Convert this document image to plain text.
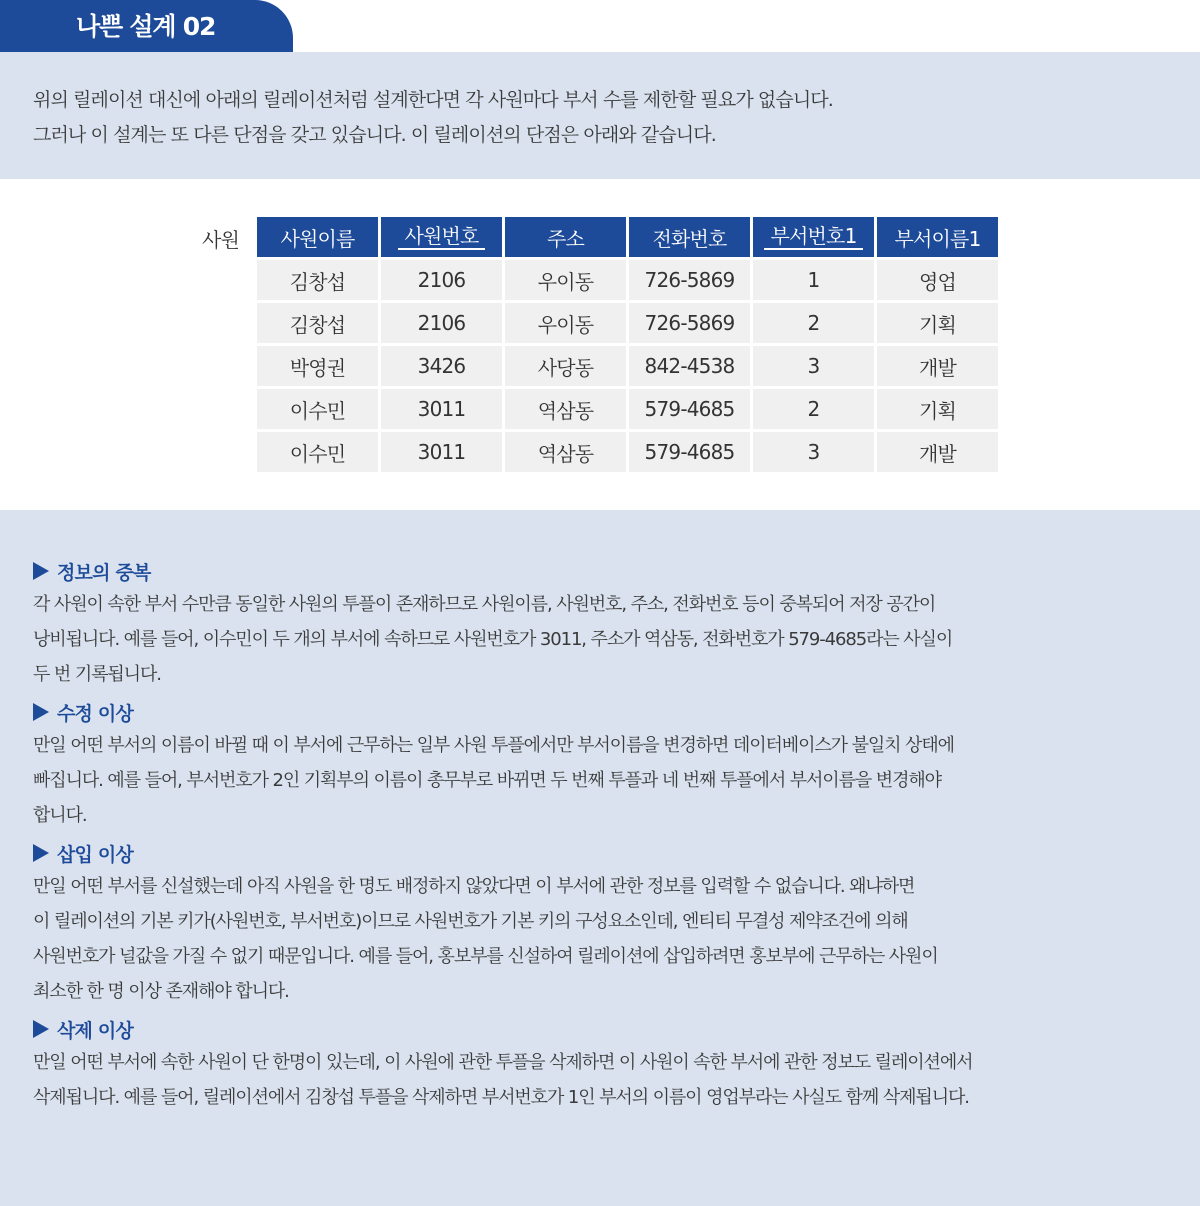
나쁜 설계 02

위의 릴레이션 대신에 아래의 릴레이션처럼 설계한다면 각 사원마다 부서 수를 제한할 필요가 없습니다.

그러나 이 설계는 또 다른 단점을 갖고 있습니다. 이 릴레이션의 단점은 아래와 같습니다.

사원 사원이름	사원번호	주소	전화번호	부서번호1	부서이름1
김창섭	2106	우이동	726-5869	1	영업
김창섭	2106	우이동	726-5869	2	기획
박영권	3426	사당동	842-4538	3	개발
이수민	3011	역삼동	579-4685	2	기획
이수민	3011	역삼동	579-4685	3	개발
정보의 중복

각 사원이 속한 부서 수만큼 동일한 사원의 투플이 존재하므로 사원이름, 사원번호, 주소, 전화번호 등이 중복되어 저장 공간이

낭비됩니다. 예를 들어, 이수민이 두 개의 부서에 속하므로 사원번호가 3011, 주소가 역삼동, 전화번호가 579-4685라는 사실이

두 번 기록됩니다.

수정 이상

만일 어떤 부서의 이름이 바뀔 때 이 부서에 근무하는 일부 사원 투플에서만 부서이름을 변경하면 데이터베이스가 불일치 상태에

빠집니다. 예를 들어, 부서번호가 2인 기획부의 이름이 총무부로 바뀌면 두 번째 투플과 네 번째 투플에서 부서이름을 변경해야

합니다.

삽입 이상

만일 어떤 부서를 신설했는데 아직 사원을 한 명도 배정하지 않았다면 이 부서에 관한 정보를 입력할 수 없습니다. 왜냐하면

이 릴레이션의 기본 키가(사원번호, 부서번호)이므로 사원번호가 기본 키의 구성요소인데, 엔티티 무결성 제약조건에 의해

사원번호가 널값을 가질 수 없기 때문입니다. 예를 들어, 홍보부를 신설하여 릴레이션에 삽입하려면 홍보부에 근무하는 사원이

최소한 한 명 이상 존재해야 합니다.

삭제 이상

만일 어떤 부서에 속한 사원이 단 한명이 있는데, 이 사원에 관한 투플을 삭제하면 이 사원이 속한 부서에 관한 정보도 릴레이션에서

삭제됩니다. 예를 들어, 릴레이션에서 김창섭 투플을 삭제하면 부서번호가 1인 부서의 이름이 영업부라는 사실도 함께 삭제됩니다.
